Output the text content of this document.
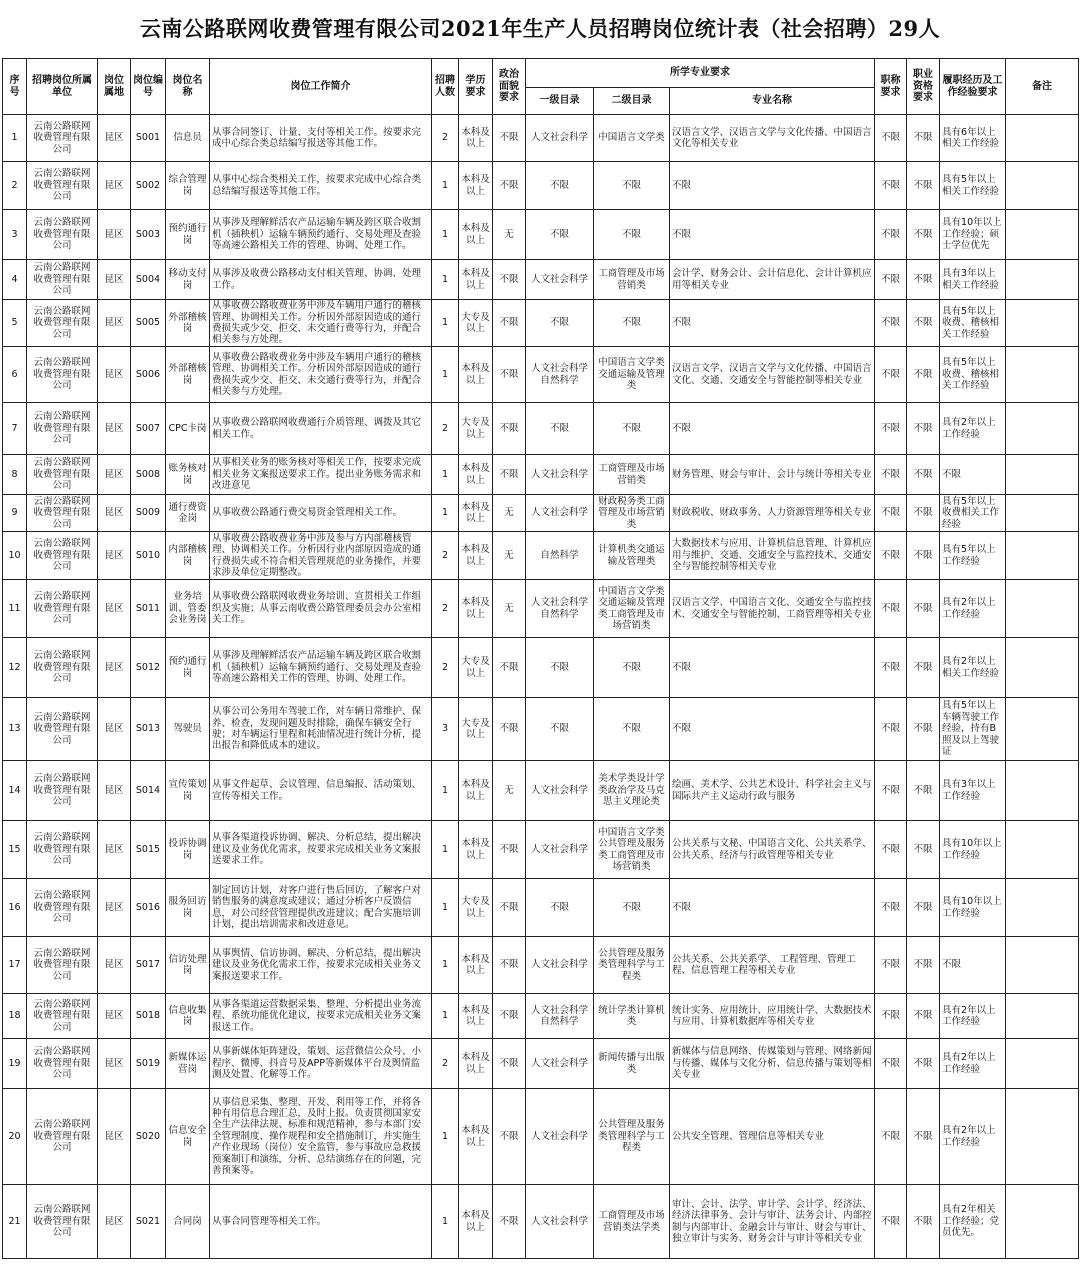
云南公路联网收费管理有限公司2021年生产人员招聘岗位统计表（社会招聘）29人
序号	招聘岗位所属单位	岗位属地	岗位编号	岗位名称	岗位工作简介	招聘人数	学历要求	政治面貌要求	所学专业要求			职称要求	职业资格要求	履职经历及工作经验要求	备注
									一级目录	二级目录	专业名称				
1	云南公路联网收费管理有限公司	昆区	S001	信息员	从事合同签订、计量、支付等相关工作。按要求完成中心综合类总结编写报送等其他工作。	2	本科及以上	不限	人文社会科学	中国语言文学类	汉语言文学、汉语言文学与文化传播、中国语言文化等相关专业	不限	不限	具有6年以上相关工作经验	
2	云南公路联网收费管理有限公司	昆区	S002	综合管理岗	从事中心综合类相关工作，按要求完成中心综合类总结编写报送等其他工作。	1	本科及以上	不限	不限	不限	不限	不限	不限	具有5年以上相关工作经验	
3	云南公路联网收费管理有限公司	昆区	S003	预约通行岗	从事涉及理解鲜活农产品运输车辆及跨区联合收割机（插秧机）运输车辆预约通行、交易处理及查验等高速公路相关工作的管理、协调、处理工作。	1	本科及以上	无	不限	不限	不限	不限	不限	具有10年以上工作经验；硕士学位优先	
4	云南公路联网收费管理有限公司	昆区	S004	移动支付岗	从事涉及收费公路移动支付相关管理、协调、处理工作。	1	本科及以上	不限	人文社会科学	工商管理及市场营销类	会计学、财务会计、会计信息化、会计计算机应用等相关专业	不限	不限	具有3年以上相关工作经验	
5	云南公路联网收费管理有限公司	昆区	S005	外部稽核岗	从事收费公路收费业务中涉及车辆用户通行的稽核管理、协调相关工作。分析因外部原因造成的通行费损失或少交、拒交、未交通行费等行为，并配合相关参与方处理。	1	大专及以上	不限	不限	不限	不限	不限	不限	具有5年以上收费、稽核相关工作经验	
6	云南公路联网收费管理有限公司	昆区	S006	外部稽核岗	从事收费公路收费业务中涉及车辆用户通行的稽核管理、协调相关工作。分析因外部原因造成的通行费损失或少交、拒交、未交通行费等行为，并配合相关参与方处理。	1	本科及以上	不限	人文社会科学自然科学	中国语言文学类交通运输及管理类	汉语言文学、汉语言文学与文化传播、中国语言文化、交通、交通安全与智能控制等相关专业	不限	不限	具有5年以上收费、稽核相关工作经验	
7	云南公路联网收费管理有限公司	昆区	S007	CPC卡岗	从事收费公路联网收费通行介质管理、调拨及其它相关工作。	2	大专及以上	不限	不限	不限	不限	不限	不限	具有2年以上工作经验	
8	云南公路联网收费管理有限公司	昆区	S008	账务核对岗	从事相关业务的账务核对等相关工作，按要求完成相关业务文案报送要求工作。提出业务账务需求和改进意见	1	本科及以上	不限	人文社会科学	工商管理及市场营销类	财务管理、财会与审计、会计与统计等相关专业	不限	不限	不限	
9	云南公路联网收费管理有限公司	昆区	S009	通行费资金岗	从事收费公路通行费交易资金管理相关工作。	1	本科及以上	无	人文社会科学	财政税务类工商管理及市场营销类	财政税收、财政事务、人力资源管理等相关专业	不限	不限	具有5年以上收费相关工作经验	
10	云南公路联网收费管理有限公司	昆区	S010	内部稽核岗	从事收费公路收费业务中涉及参与方内部稽核管理、协调相关工作。分析因行业内部原因造成的通行费损失或不符合相关管理规范的业务操作，并要求涉及单位定期整改。	2	本科及以上	无	自然科学	计算机类交通运输及管理类	大数据技术与应用、计算机信息管理、计算机应用与维护、交通、交通安全与监控技术、交通安全与智能控制等相关专业	不限	不限	具有5年以上工作经验	
11	云南公路联网收费管理有限公司	昆区	S011	业务培训、管委会业务岗	从事收费公路联网收费业务培训、宣贯相关工作组织及实施；从事云南收费公路管理委员会办公室相关工作。	2	本科及以上	无	人文社会科学自然科学	中国语言文学类交通运输及管理类工商管理及市场营销类	汉语言文学、中国语言文化、交通安全与监控技术、交通安全与智能控制、工商管理等相关专业	不限	不限	具有2年以上工作经验	
12	云南公路联网收费管理有限公司	昆区	S012	预约通行岗	从事涉及理解鲜活农产品运输车辆及跨区联合收割机（插秧机）运输车辆预约通行、交易处理及查验等高速公路相关工作的管理、协调、处理工作。	2	大专及以上	不限	不限	不限	不限	不限	不限	具有2年以上相关工作经验	
13	云南公路联网收费管理有限公司	昆区	S013	驾驶员	从事公司公务用车驾驶工作，对车辆日常维护、保养、检查，发现问题及时排除，确保车辆安全行驶；对车辆运行里程和耗油情况进行统计分析，提出报告和降低成本的建议。	3	大专及以上	不限	不限	不限	不限	不限	不限	具有5年以上车辆驾驶工作经验，持有B照及以上驾驶证	
14	云南公路联网收费管理有限公司	昆区	S014	宣传策划岗	从事文件起草、会议管理、信息编报、活动策划、宣传等相关工作。	1	本科及以上	无	人文社会科学	美术学类设计学类政治学及马克思主义理论类	绘画、美术学、公共艺术设计、科学社会主义与国际共产主义运动行政与服务	不限	不限	具有3年以上工作经验	
15	云南公路联网收费管理有限公司	昆区	S015	投诉协调岗	从事各渠道投诉协调、解决、分析总结，提出解决建议及业务优化需求，按要求完成相关业务文案报送要求工作。	1	本科及以上	不限	人文社会科学	中国语言文学类公共管理及服务类工商管理及市场营销类	公共关系与文秘、中国语言文化、公共关系学、公共关系、经济与行政管理等相关专业	不限	不限	具有10年以上工作经验	
16	云南公路联网收费管理有限公司	昆区	S016	服务回访岗	制定回访计划，对客户进行售后回访，了解客户对销售服务的满意度或建议；通过分析客户反馈信息，对公司经营管理提供改进建议；配合实施培训计划，提出培训需求和改进意见。	1	大专及以上	不限	不限	不限	不限	不限	不限	具有10年以上工作经验	
17	云南公路联网收费管理有限公司	昆区	S017	信访处理岗	从事舆情、信访协调、解决、分析总结，提出解决建议及业务优化需求工作，按要求完成相关业务文案报送要求工作。	1	本科及以上	不限	人文社会科学	公共管理及服务类管理科学与工程类	公共关系、公共关系学、 工程管理、管理工程、信息管理工程等相关专业	不限	不限	不限	
18	云南公路联网收费管理有限公司	昆区	S018	信息收集岗	从事各渠道运营数据采集、整理、分析提出业务流程、系统功能优化建议，按要求完成相关业务文案报送工作。	1	本科及以上	不限	人文社会科学自然科学	统计学类计算机类	统计实务、应用统计、应用统计学、大数据技术与应用、计算机数据库等相关专业	不限	不限	具有2年以上工作经验	
19	云南公路联网收费管理有限公司	昆区	S019	新媒体运营岗	从事新媒体矩阵建设，策划、运营微信公众号、小程序、微博、抖音号及APP等新媒体平台及舆情监测及处置、化解等工作。	2	本科及以上	不限	人文社会科学	新闻传播与出版类	新媒体与信息网络、传媒策划与管理、网络新闻与传播、媒体与文化分析、信息传播与策划等相关专业	不限	不限	具有2年以上工作经验	
20	云南公路联网收费管理有限公司	昆区	S020	信息安全岗	从事信息采集、整理、开发、利用等工作，并将各种有用信息合理汇总，及时上报。负责贯彻国家安全生产法律法规、标准和规范精神，参与本部门安全管理制度、操作规程和安全措施制订，并实施生产作业现场（岗位）安全监管，参与事故应急救援预案制订和演练，分析、总结演练存在的问题，完善预案等。	1	本科及以上	不限	人文社会科学	公共管理及服务类管理科学与工程类	公共安全管理、管理信息等相关专业	不限	不限	具有2年以上工作经验	
21	云南公路联网收费管理有限公司	昆区	S021	合同岗	从事合同管理等相关工作。	1	本科及以上	不限	人文社会科学	工商管理及市场营销类法学类	审计、会计、法学、审计学、会计学、经济法、经济法律事务、会计与审计、法务会计、内部控制与内部审计、金融会计与审计、财会与审计、独立审计与实务、财务会计与审计等相关专业	不限	不限	具有2年相关工作经验；党员优先。	
